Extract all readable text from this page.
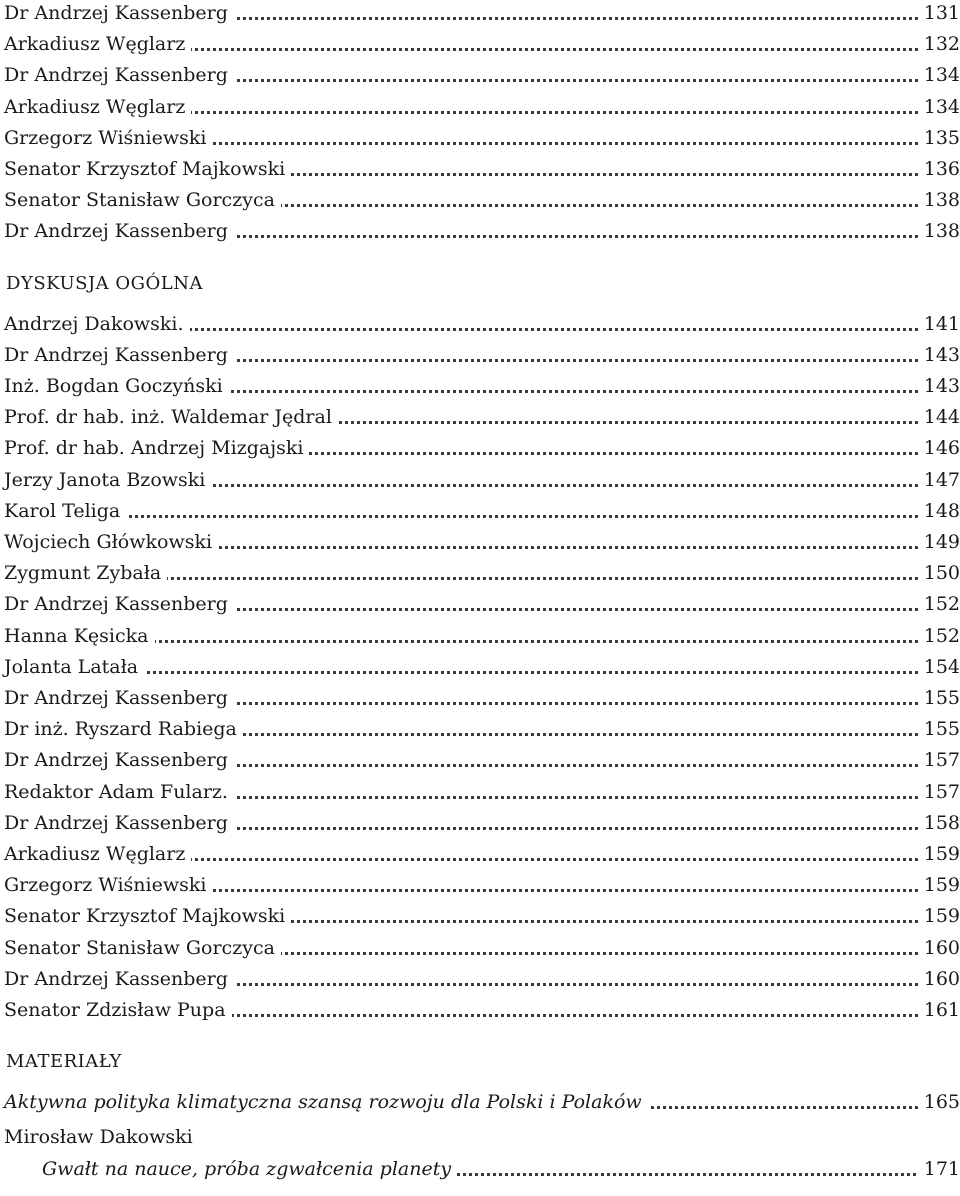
Dr Andrzej Kassenberg	131
Arkadiusz Węglarz	132
Dr Andrzej Kassenberg	134
Arkadiusz Węglarz	134
Grzegorz Wiśniewski	135
Senator Krzysztof Majkowski	136
Senator Stanisław Gorczyca	138
Dr Andrzej Kassenberg	138
DYSKUSJA OGÓLNA
Andrzej Dakowski.	141
Dr Andrzej Kassenberg	143
Inż. Bogdan Goczyński	143
Prof. dr hab. inż. Waldemar Jędral	144
Prof. dr hab. Andrzej Mizgajski	146
Jerzy Janota Bzowski	147
Karol Teliga	148
Wojciech Główkowski	149
Zygmunt Zybała	150
Dr Andrzej Kassenberg	152
Hanna Kęsicka	152
Jolanta Latała	154
Dr Andrzej Kassenberg	155
Dr inż. Ryszard Rabiega	155
Dr Andrzej Kassenberg	157
Redaktor Adam Fularz.	157
Dr Andrzej Kassenberg	158
Arkadiusz Węglarz	159
Grzegorz Wiśniewski	159
Senator Krzysztof Majkowski	159
Senator Stanisław Gorczyca	160
Dr Andrzej Kassenberg	160
Senator Zdzisław Pupa	161
MATERIAŁY
Aktywna polityka klimatyczna szansą rozwoju dla Polski i Polaków	165
Mirosław Dakowski
Gwałt na nauce, próba zgwałcenia planety	171
